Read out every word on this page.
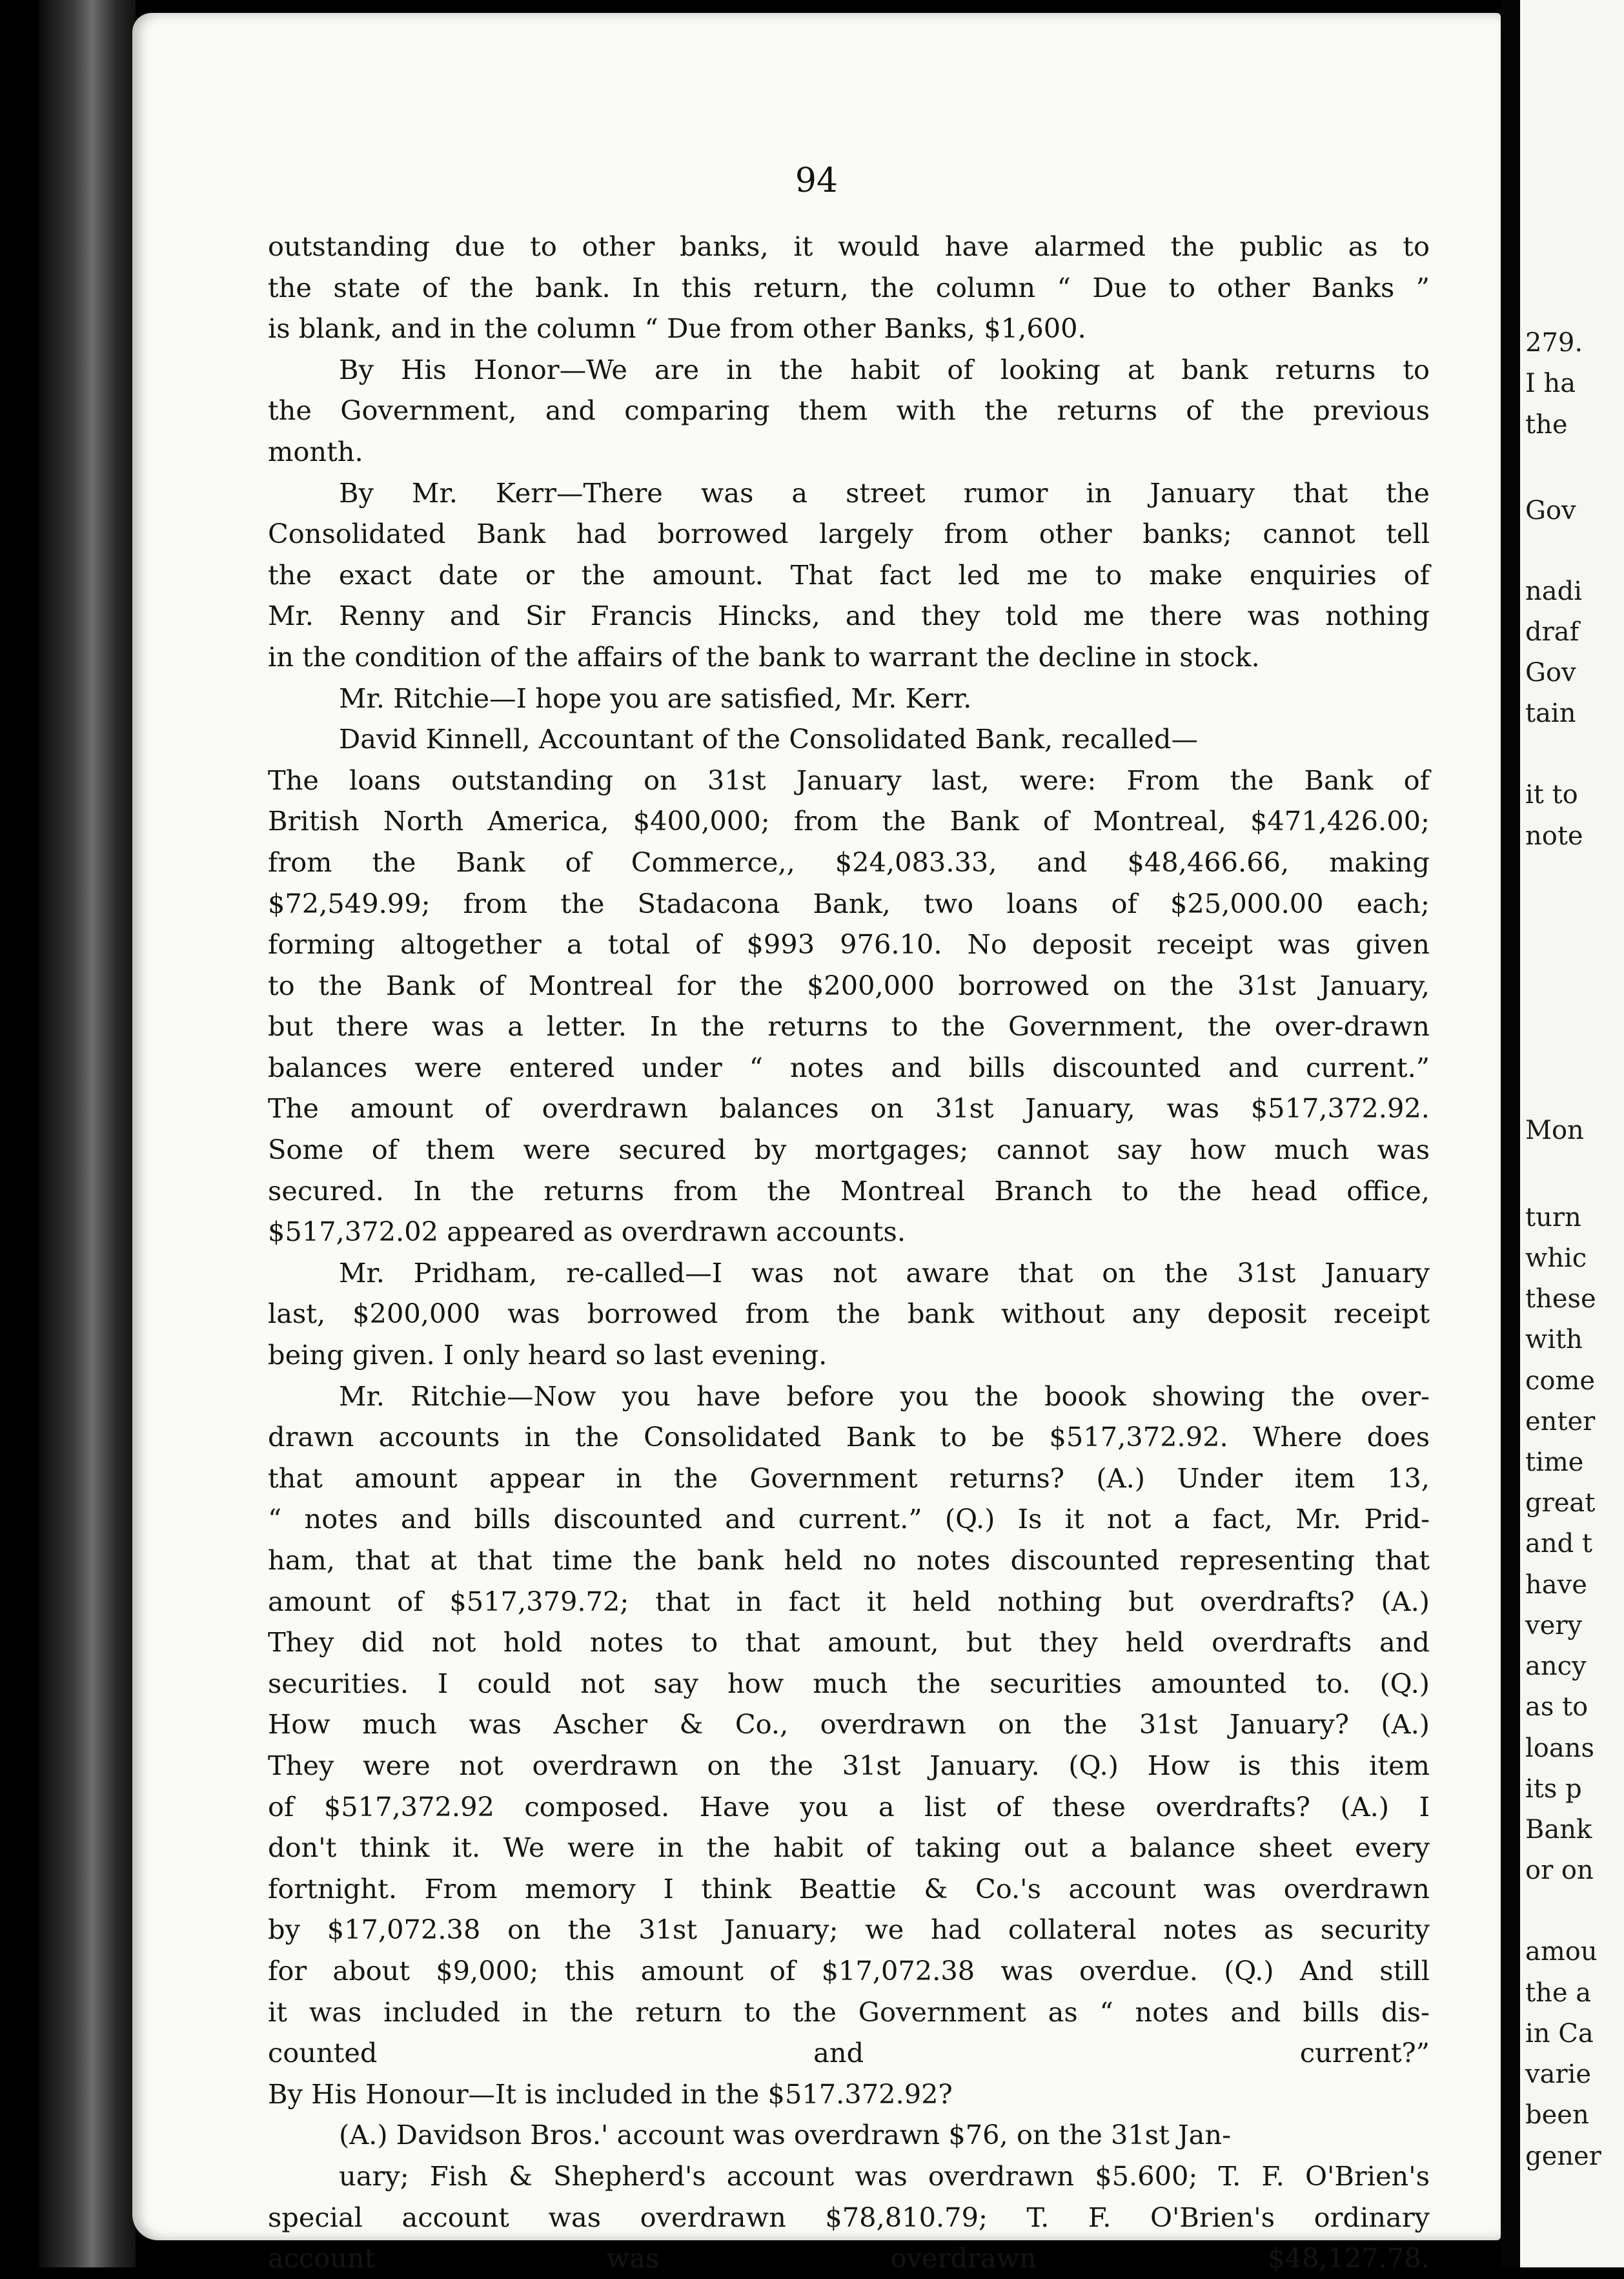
94
outstanding due to other banks, it would have alarmed the public as to
the state of the bank. In this return, the column “ Due to other Banks ”
is blank, and in the column “ Due from other Banks, $1,600.
By His Honor—We are in the habit of looking at bank returns to
the Government, and comparing them with the returns of the previous
month.
By Mr. Kerr—There was a street rumor in January that the
Consolidated Bank had borrowed largely from other banks; cannot tell
the exact date or the amount. That fact led me to make enquiries of
Mr. Renny and Sir Francis Hincks, and they told me there was nothing
in the condition of the affairs of the bank to warrant the decline in stock.
Mr. Ritchie—I hope you are satisfied, Mr. Kerr.
David Kinnell, Accountant of the Consolidated Bank, recalled—
The loans outstanding on 31st January last, were: From the Bank of
British North America, $400,000; from the Bank of Montreal, $471,426.00;
from the Bank of Commerce,, $24,083.33, and $48,466.66, making
$72,549.99; from the Stadacona Bank, two loans of $25,000.00 each;
forming altogether a total of $993 976.10. No deposit receipt was given
to the Bank of Montreal for the $200,000 borrowed on the 31st January,
but there was a letter. In the returns to the Government, the over-drawn
balances were entered under “ notes and bills discounted and current.”
The amount of overdrawn balances on 31st January, was $517,372.92.
Some of them were secured by mortgages; cannot say how much was
secured. In the returns from the Montreal Branch to the head office,
$517,372.02 appeared as overdrawn accounts.
Mr. Pridham, re-called—I was not aware that on the 31st January
last, $200,000 was borrowed from the bank without any deposit receipt
being given. I only heard so last evening.
Mr. Ritchie—Now you have before you the boook showing the over-
drawn accounts in the Consolidated Bank to be $517,372.92. Where does
that amount appear in the Government returns? (A.) Under item 13,
“ notes and bills discounted and current.” (Q.) Is it not a fact, Mr. Prid-
ham, that at that time the bank held no notes discounted representing that
amount of $517,379.72; that in fact it held nothing but overdrafts? (A.)
They did not hold notes to that amount, but they held overdrafts and
securities. I could not say how much the securities amounted to. (Q.)
How much was Ascher & Co., overdrawn on the 31st January? (A.)
They were not overdrawn on the 31st January. (Q.) How is this item
of $517,372.92 composed. Have you a list of these overdrafts? (A.) I
don't think it. We were in the habit of taking out a balance sheet every
fortnight. From memory I think Beattie & Co.'s account was overdrawn
by $17,072.38 on the 31st January; we had collateral notes as security
for about $9,000; this amount of $17,072.38 was overdue. (Q.) And still
it was included in the return to the Government as “ notes and bills dis-
counted and current?”
By His Honour—It is included in the $517.372.92?
(A.) Davidson Bros.' account was overdrawn $76, on the 31st Jan-
uary; Fish & Shepherd's account was overdrawn $5.600; T. F. O'Brien's
special account was overdrawn $78,810.79; T. F. O'Brien's ordinary
account was overdrawn $48,127.78.
279.
I ha
the
Gov
nadi
draf
Gov
tain
it to
note
Mon
turn
whic
these
with
come
enter
time
great
and t
have
very
ancy
as to
loans
its p
Bank
or on
amou
the a
in Ca
varie
been
gener
